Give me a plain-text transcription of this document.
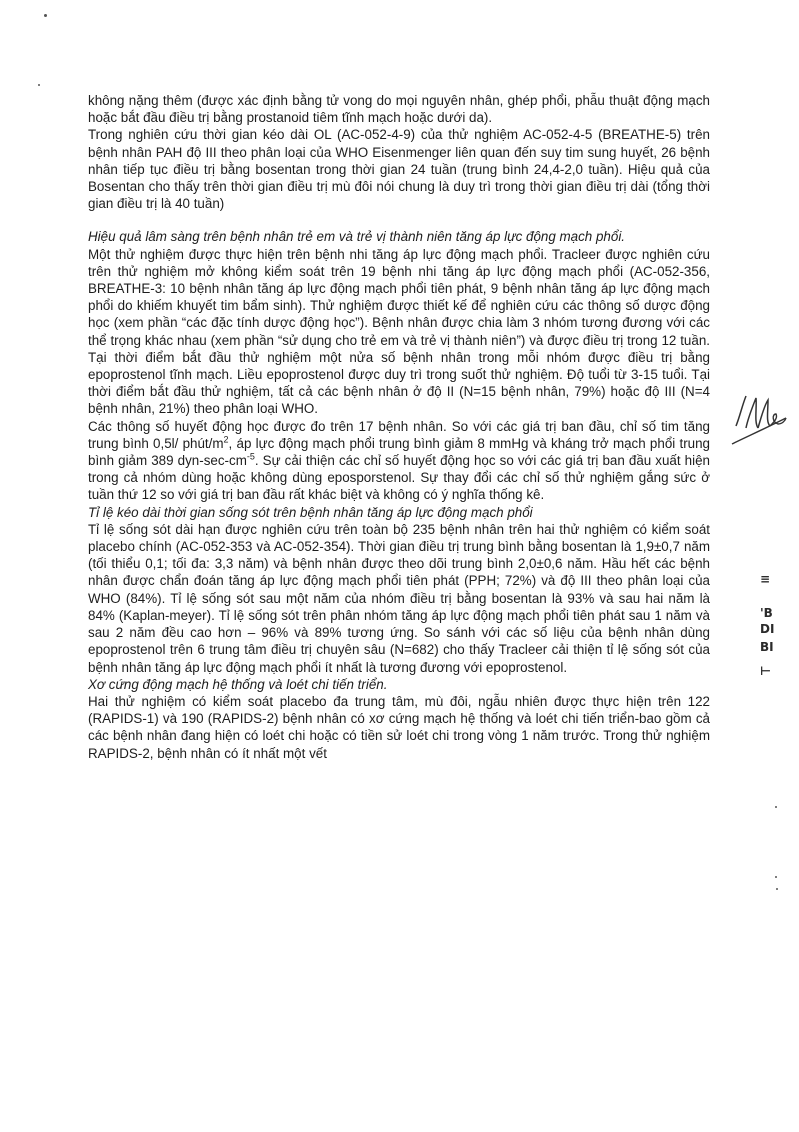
không nặng thêm (được xác định bằng tử vong do mọi nguyên nhân, ghép phổi, phẫu thuật động mạch hoặc bắt đầu điều trị bằng prostanoid tiêm tĩnh mạch hoặc dưới da).

Trong nghiên cứu thời gian kéo dài OL (AC-052-4-9) của thử nghiệm AC-052-4-5 (BREATHE-5) trên bệnh nhân PAH độ III theo phân loại của WHO Eisenmenger liên quan đến suy tim sung huyết, 26 bệnh nhân tiếp tục điều trị bằng bosentan trong thời gian 24 tuần (trung bình 24,4-2,0 tuần). Hiệu quả của Bosentan cho thấy trên thời gian điều trị mù đôi nói chung là duy trì trong thời gian điều trị dài (tổng thời gian điều trị là 40 tuần)

Hiệu quả lâm sàng trên bệnh nhân trẻ em và trẻ vị thành niên tăng áp lực động mạch phổi.

Một thử nghiệm được thực hiện trên bệnh nhi tăng áp lực động mạch phổi. Tracleer được nghiên cứu trên thử nghiệm mở không kiểm soát trên 19 bệnh nhi tăng áp lực động mạch phổi (AC-052-356, BREATHE-3: 10 bệnh nhân tăng áp lực động mạch phổi tiên phát, 9 bệnh nhân tăng áp lực động mạch phổi do khiếm khuyết tim bẩm sinh). Thử nghiệm được thiết kế để nghiên cứu các thông số dược động học (xem phần “các đặc tính dược động học”). Bệnh nhân được chia làm 3 nhóm tương đương với các thể trọng khác nhau (xem phần “sử dụng cho trẻ em và trẻ vị thành niên”) và được điều trị trong 12 tuần. Tại thời điểm bắt đầu thử nghiệm một nửa số bệnh nhân trong mỗi nhóm được điều trị bằng epoprostenol tĩnh mạch. Liều epoprostenol được duy trì trong suốt thử nghiệm. Độ tuổi từ 3-15 tuổi. Tại thời điểm bắt đầu thử nghiệm, tất cả các bệnh nhân ở độ II (N=15 bệnh nhân, 79%) hoặc độ III (N=4 bệnh nhân, 21%) theo phân loại WHO.

Các thông số huyết động học được đo trên 17 bệnh nhân. So với các giá trị ban đầu, chỉ số tim tăng trung bình 0,5l/ phút/$m^2$, áp lực động mạch phổi trung bình giảm 8 mmHg và kháng trở mạch phổi trung bình giảm 389 dyn-$\sec-cm^{-5}$. Sự cải thiện các chỉ số huyết động học so với các giá trị ban đầu xuất hiện trong cả nhóm dùng hoặc không dùng eposporstenol. Sự thay đổi các chỉ số thử nghiệm gắng sức ở tuần thứ 12 so với giá trị ban đầu rất khác biệt và không có ý nghĩa thống kê.

Tỉ lệ kéo dài thời gian sống sót trên bệnh nhân tăng áp lực động mạch phổi

Tỉ lệ sống sót dài hạn được nghiên cứu trên toàn bộ 235 bệnh nhân trên hai thử nghiệm có kiểm soát placebo chính (AC-052-353 và AC-052-354). Thời gian điều trị trung bình bằng bosentan là 1,9±0,7 năm (tối thiểu 0,1; tối đa: 3,3 năm) và bệnh nhân được theo dõi trung bình 2,0±0,6 năm. Hầu hết các bệnh nhân được chẩn đoán tăng áp lực động mạch phổi tiên phát (PPH; 72%) và độ III theo phân loại của WHO (84%). Tỉ lệ sống sót sau một năm của nhóm điều trị bằng bosentan là 93% và sau hai năm là 84% (Kaplan-meyer). Tỉ lệ sống sót trên phân nhóm tăng áp lực động mạch phổi tiên phát sau 1 năm và sau 2 năm đều cao hơn – 96% và 89% tương ứng. So sánh với các số liệu của bệnh nhân dùng epoprostenol trên 6 trung tâm điều trị chuyên sâu (N=682) cho thấy Tracleer cải thiện tỉ lệ sống sót của bệnh nhân tăng áp lực động mạch phổi ít nhất là tương đương với epoprostenol.

Xơ cứng động mạch hệ thống và loét chi tiến triển.

Hai thử nghiệm có kiểm soát placebo đa trung tâm, mù đôi, ngẫu nhiên được thực hiện trên 122 (RAPIDS-1) và 190 (RAPIDS-2) bệnh nhân có xơ cứng mạch hệ thống và loét chi tiến triển-bao gồm cả các bệnh nhân đang hiện có loét chi hoặc có tiền sử loét chi trong vòng 1 năm trước. Trong thử nghiệm RAPIDS-2, bệnh nhân có ít nhất một vết

≡
'B
DI
BI
⊢
